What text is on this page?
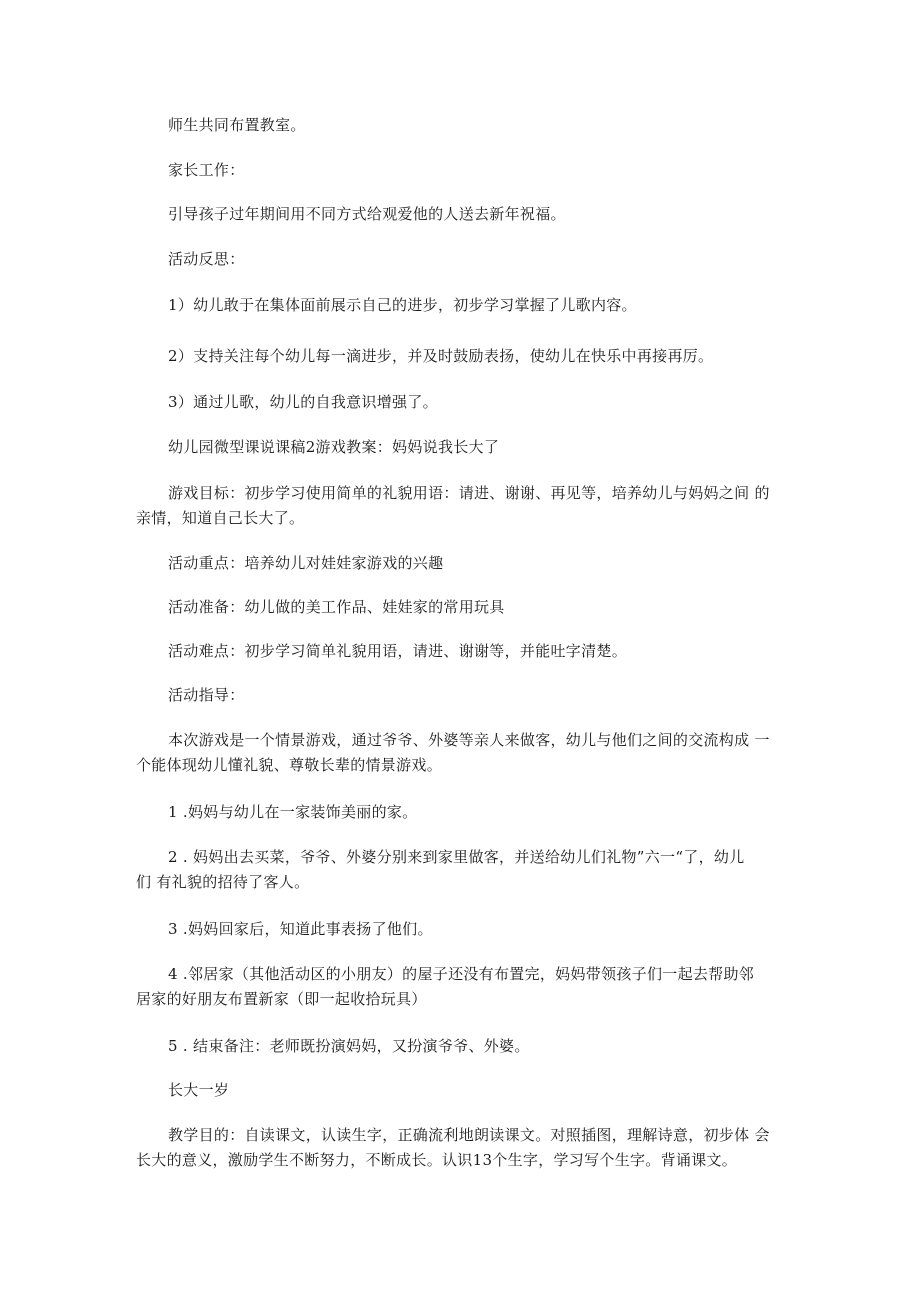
师生共同布置教室。
家长工作：
引导孩子过年期间用不同方式给观爱他的人送去新年祝福。
活动反思：
1）幼儿敢于在集体面前展示自己的进步，初步学习掌握了儿歌内容。
2）支持关注每个幼儿每一滴进步，并及时鼓励表扬，使幼儿在快乐中再接再厉。
3）通过儿歌，幼儿的自我意识增强了。
幼儿园微型课说课稿2游戏教案：妈妈说我长大了
游戏目标：初步学习使用简单的礼貌用语：请进、谢谢、再见等，培养幼儿与妈妈之间 的
亲情，知道自己长大了。
活动重点：培养幼儿对娃娃家游戏的兴趣
活动准备：幼儿做的美工作品、娃娃家的常用玩具
活动难点：初步学习简单礼貌用语，请进、谢谢等，并能吐字清楚。
活动指导：
本次游戏是一个情景游戏，通过爷爷、外婆等亲人来做客，幼儿与他们之间的交流构成 一
个能体现幼儿懂礼貌、尊敬长辈的情景游戏。
1 .妈妈与幼儿在一家装饰美丽的家。
2 . 妈妈出去买菜，爷爷、外婆分别来到家里做客，并送给幼儿们礼物”六一“了，幼儿
们 有礼貌的招待了客人。
3 .妈妈回家后，知道此事表扬了他们。
4 .邻居家（其他活动区的小朋友）的屋子还没有布置完，妈妈带领孩子们一起去帮助邻
居家的好朋友布置新家（即一起收拾玩具）
5 . 结束备注：老师既扮演妈妈，又扮演爷爷、外婆。
长大一岁
教学目的：自读课文，认读生字，正确流利地朗读课文。对照插图，理解诗意，初步体 会
长大的意义，激励学生不断努力，不断成长。认识13个生字，学习写个生字。背诵课文。
